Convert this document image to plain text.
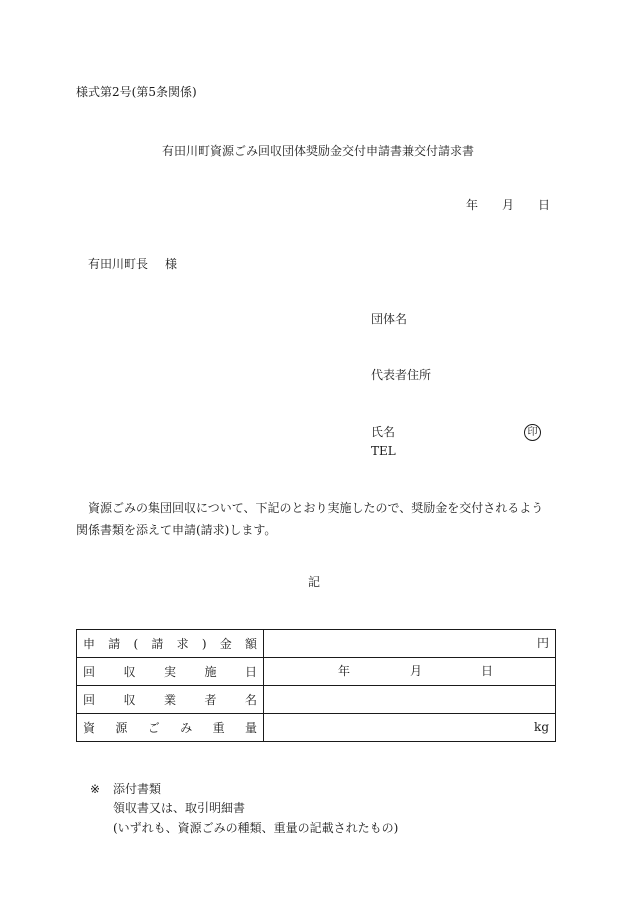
様式第2号(第5条関係)
有田川町資源ごみ回収団体奨励金交付申請書兼交付請求書
年 月 日
有田川町長 様
団体名
代表者住所
氏名	印
TEL
資源ごみの集団回収について、下記のとおり実施したので、奨励金を交付されるよう関係書類を添えて申請(請求)します。
記
申請(請求)金額	円

回収実施日	年 月 日

回収業者名	
資源ごみ重量	kg
※ 添付書類
領収書又は、取引明細書
(いずれも、資源ごみの種類、重量の記載されたもの)
